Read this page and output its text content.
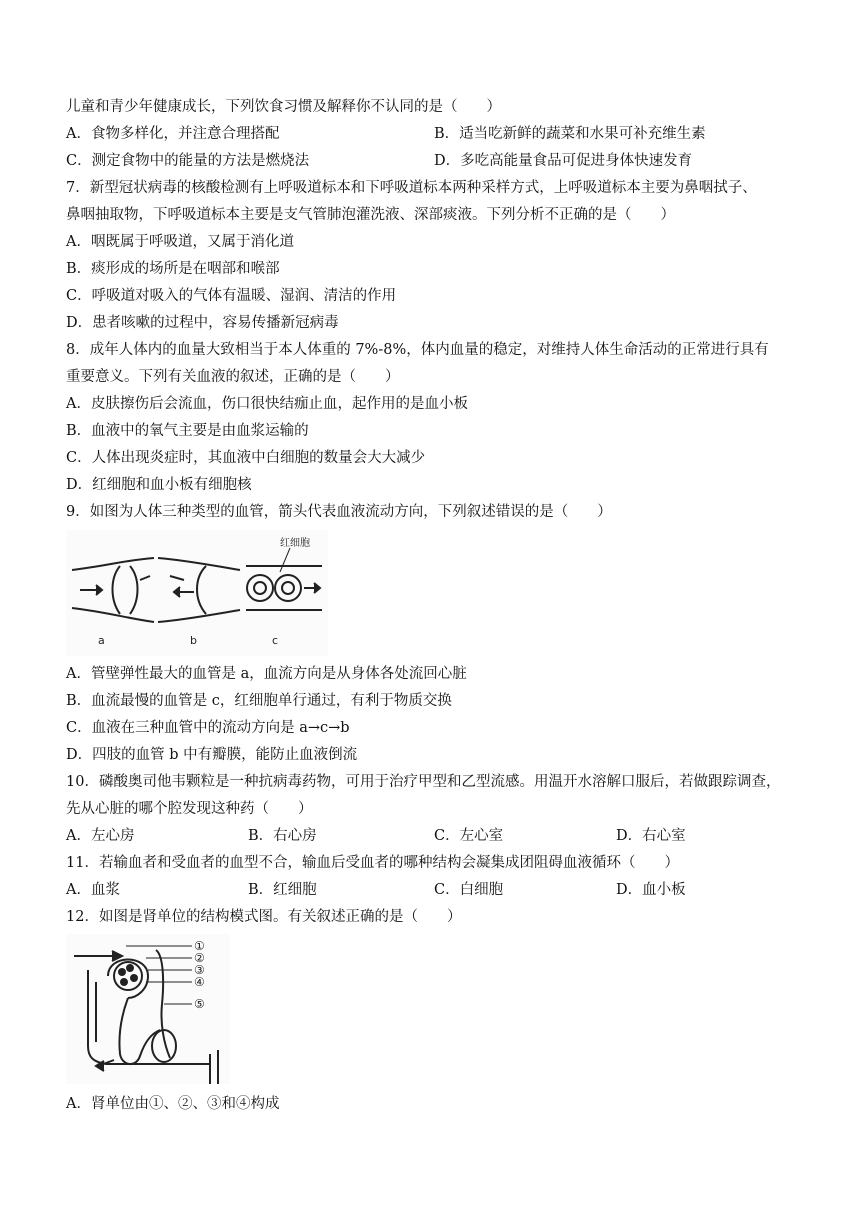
儿童和青少年健康成长，下列饮食习惯及解释你不认同的是（　　）
A．食物多样化，并注意合理搭配	B．适当吃新鲜的蔬菜和水果可补充维生素
C．测定食物中的能量的方法是燃烧法	D．多吃高能量食品可促进身体快速发育
7．新型冠状病毒的核酸检测有上呼吸道标本和下呼吸道标本两种采样方式，上呼吸道标本主要为鼻咽拭子、
鼻咽抽取物，下呼吸道标本主要是支气管肺泡灌洗液、深部痰液。下列分析不正确的是（　　）
A．咽既属于呼吸道，又属于消化道
B．痰形成的场所是在咽部和喉部
C．呼吸道对吸入的气体有温暖、湿润、清洁的作用
D．患者咳嗽的过程中，容易传播新冠病毒
8．成年人体内的血量大致相当于本人体重的 7%-8%，体内血量的稳定，对维持人体生命活动的正常进行具有
重要意义。下列有关血液的叙述，正确的是（　　）
A．皮肤擦伤后会流血，伤口很快结痂止血，起作用的是血小板
B．血液中的氧气主要是由血浆运输的
C．人体出现炎症时，其血液中白细胞的数量会大大减少
D．红细胞和血小板有细胞核
9．如图为人体三种类型的血管，箭头代表血液流动方向，下列叙述错误的是（　　）
红细胞
a	b	c
A．管壁弹性最大的血管是 a，血流方向是从身体各处流回心脏
B．血流最慢的血管是 c，红细胞单行通过，有利于物质交换
C．血液在三种血管中的流动方向是 a→c→b
D．四肢的血管 b 中有瓣膜，能防止血液倒流
10．磷酸奥司他韦颗粒是一种抗病毒药物，可用于治疗甲型和乙型流感。用温开水溶解口服后，若做跟踪调查，
先从心脏的哪个腔发现这种药（　　）
A．左心房	B．右心房	C．左心室	D．右心室
11．若输血者和受血者的血型不合，输血后受血者的哪种结构会凝集成团阻碍血液循环（　　）
A．血浆	B．红细胞	C．白细胞	D．血小板
12．如图是肾单位的结构模式图。有关叙述正确的是（　　）
①
②
③
④
⑤
A．肾单位由①、②、③和④构成
